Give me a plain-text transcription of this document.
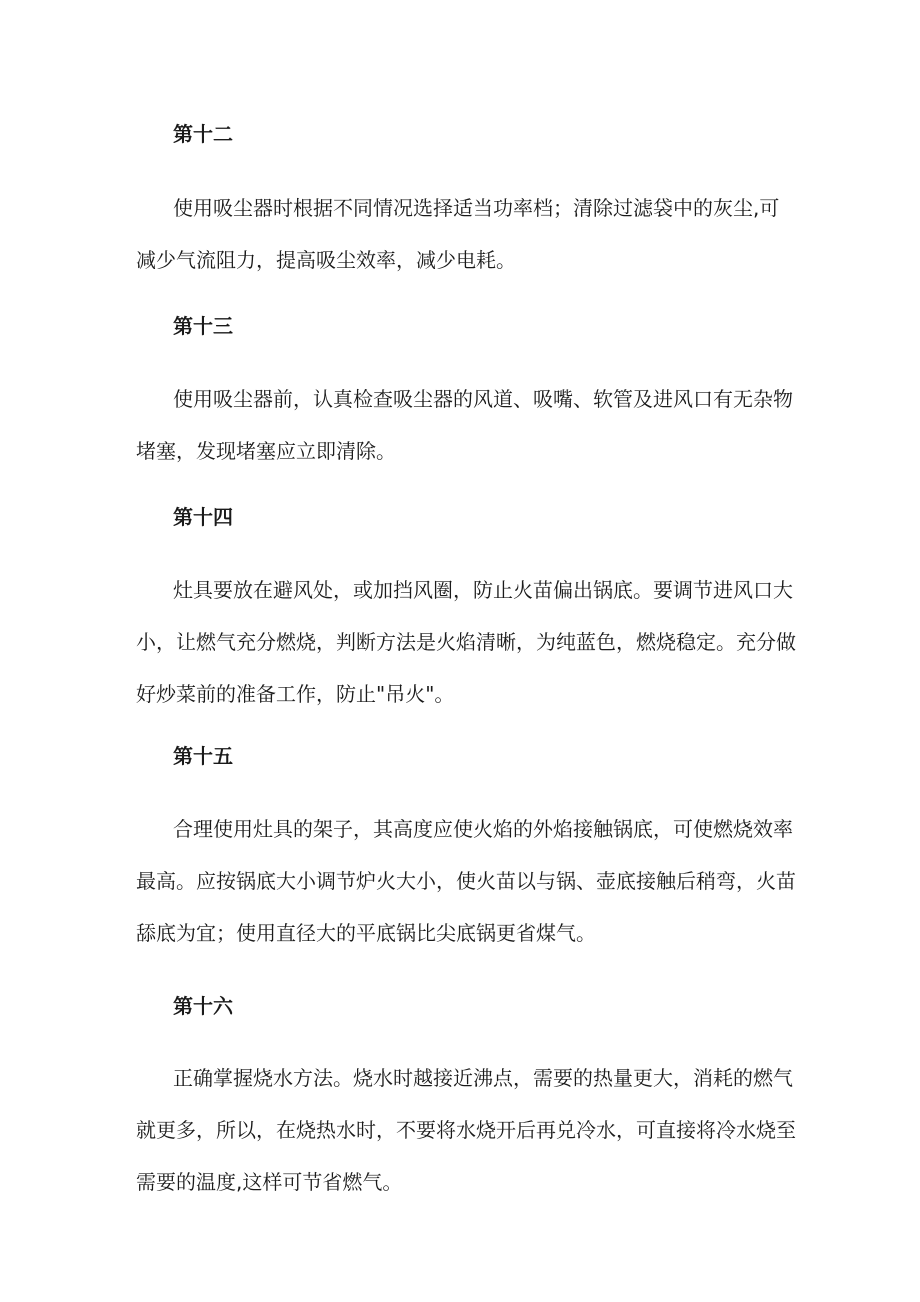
第十二

使用吸尘器时根据不同情况选择适当功率档；清除过滤袋中的灰尘,可减少气流阻力，提高吸尘效率，减少电耗。

第十三

使用吸尘器前，认真检查吸尘器的风道、吸嘴、软管及进风口有无杂物堵塞，发现堵塞应立即清除。

第十四

灶具要放在避风处，或加挡风圈，防止火苗偏出锅底。要调节进风口大小，让燃气充分燃烧，判断方法是火焰清晰，为纯蓝色，燃烧稳定。充分做好炒菜前的准备工作，防止"吊火"。

第十五

合理使用灶具的架子，其高度应使火焰的外焰接触锅底，可使燃烧效率最高。应按锅底大小调节炉火大小，使火苗以与锅、壶底接触后稍弯，火苗舔底为宜；使用直径大的平底锅比尖底锅更省煤气。

第十六

正确掌握烧水方法。烧水时越接近沸点，需要的热量更大，消耗的燃气就更多，所以，在烧热水时，不要将水烧开后再兑冷水，可直接将冷水烧至需要的温度,这样可节省燃气。
